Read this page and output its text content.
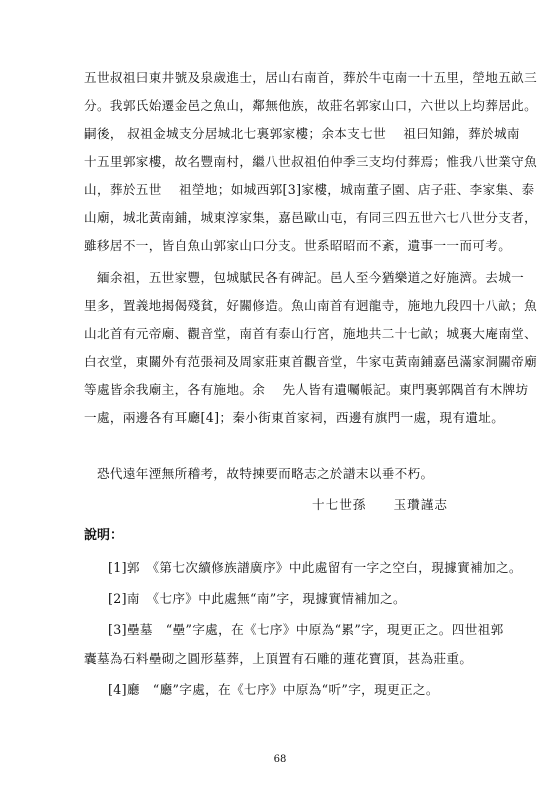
五世叔祖曰東井號及泉歲進士，居山右南首，葬於牛屯南一十五里，塋地五畝三
分。我郭氏始遷金邑之魚山，鄰無他族，故莊名郭家山口，六世以上均葬居此。
嗣後， 叔祖金城支分居城北七裏郭家樓；余本支七世　 祖曰知錦，葬於城南
十五里郭家樓，故名豐南村，繼八世叔祖伯仲季三支均付葬焉；惟我八世業守魚
山，葬於五世　 祖塋地；如城西郭[3]家樓，城南董子園、店子莊、李家集、泰
山廟，城北黃南鋪，城東淳家集，嘉邑歐山屯，有同三四五世六七八世分支者，
雖移居不一，皆自魚山郭家山口分支。世系昭昭而不紊，遺事一一而可考。
　緬余祖，五世家豐，包城賦民各有碑記。邑人至今猶樂道之好施濟。去城一
里多，置義地揭偈殘貧，好關修造。魚山南首有迥龍寺，施地九段四十八畝；魚
山北首有元帝廟、觀音堂，南首有泰山行宮，施地共二十七畝；城裏大庵南堂、
白衣堂，東關外有范張祠及周家莊東首觀音堂，牛家屯黃南鋪嘉邑滿家洞關帝廟
等處皆余我廟主，各有施地。余　 先人皆有遺囑帳記。東門裏郭隅首有木牌坊
一處，兩邊各有耳廳[4]；秦小街東首家祠，西邊有旗門一處，現有遺址。
　恐代遠年湮無所稽考，故特揀要而略志之於譜末以垂不朽。
十七世孫　　玉瓚謹志
說明：
[1]郭　《第七次續修族譜廣序》中此處留有一字之空白，現據實補加之。
[2]南　《七序》中此處無“南”字，現據實情補加之。
[3]壘墓　“壘”字處，在《七序》中原為“累”字，現更正之。四世祖郭
囊墓為石料壘砌之圓形墓葬，上頂置有石雕的蓮花寶頂，甚為莊重。
[4]廳　“廳”字處，在《七序》中原為“听”字，現更正之。
68
